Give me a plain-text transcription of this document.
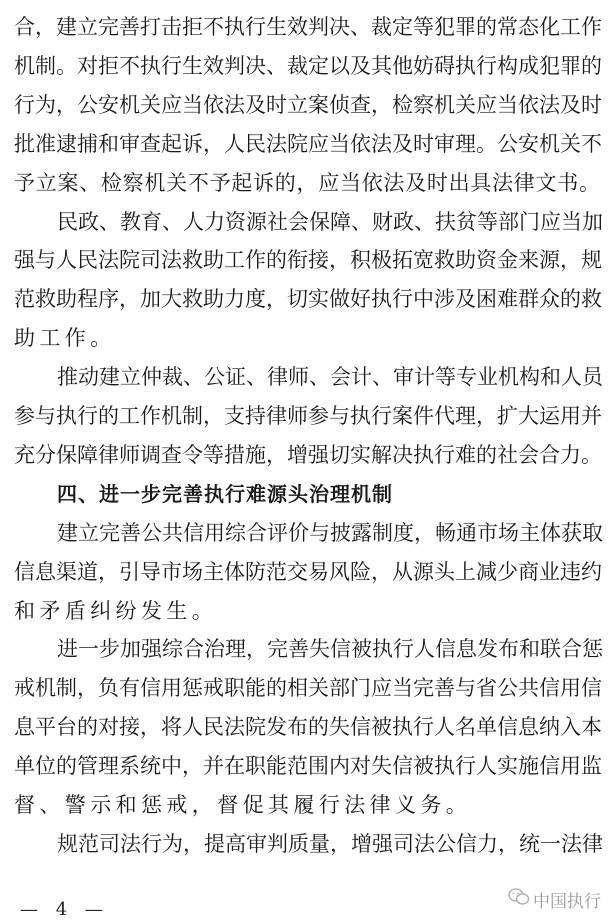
合，建立完善打击拒不执行生效判决、裁定等犯罪的常态化工作
机制。对拒不执行生效判决、裁定以及其他妨碍执行构成犯罪的
行为，公安机关应当依法及时立案侦查，检察机关应当依法及时
批准逮捕和审查起诉，人民法院应当依法及时审理。公安机关不
予立案、检察机关不予起诉的，应当依法及时出具法律文书。
民政、教育、人力资源社会保障、财政、扶贫等部门应当加
强与人民法院司法救助工作的衔接，积极拓宽救助资金来源，规
范救助程序，加大救助力度，切实做好执行中涉及困难群众的救
助工作。
推动建立仲裁、公证、律师、会计、审计等专业机构和人员
参与执行的工作机制，支持律师参与执行案件代理，扩大运用并
充分保障律师调查令等措施，增强切实解决执行难的社会合力。
四、进一步完善执行难源头治理机制
建立完善公共信用综合评价与披露制度，畅通市场主体获取
信息渠道，引导市场主体防范交易风险，从源头上减少商业违约
和矛盾纠纷发生。
进一步加强综合治理，完善失信被执行人信息发布和联合惩
戒机制，负有信用惩戒职能的相关部门应当完善与省公共信用信
息平台的对接，将人民法院发布的失信被执行人名单信息纳入本
单位的管理系统中，并在职能范围内对失信被执行人实施信用监
督、警示和惩戒，督促其履行法律义务。
规范司法行为，提高审判质量，增强司法公信力，统一法律
— 4 —	中国执行
